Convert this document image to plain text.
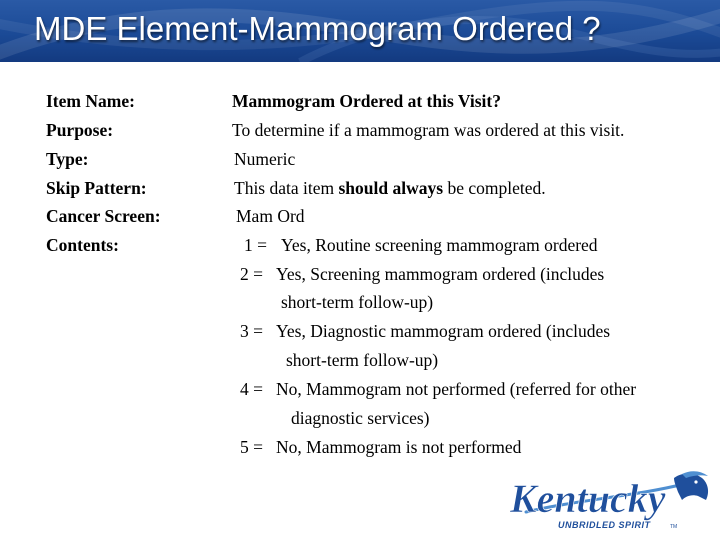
MDE Element-Mammogram Ordered ?
Item Name:
Purpose:
Type:
Skip Pattern:
Cancer Screen:
Contents:
Mammogram Ordered at this Visit?
To determine if a mammogram was ordered at this visit.
Numeric
This data item should always be completed.
Mam Ord
1 = Yes, Routine screening mammogram ordered
2 = Yes, Screening mammogram ordered (includes
short-term follow-up)
3 = Yes, Diagnostic mammogram ordered (includes
short-term follow-up)
4 = No, Mammogram not performed (referred for other
diagnostic services)
5 = No, Mammogram is not performed
Kentucky
UNBRIDLED SPIRIT	TM
